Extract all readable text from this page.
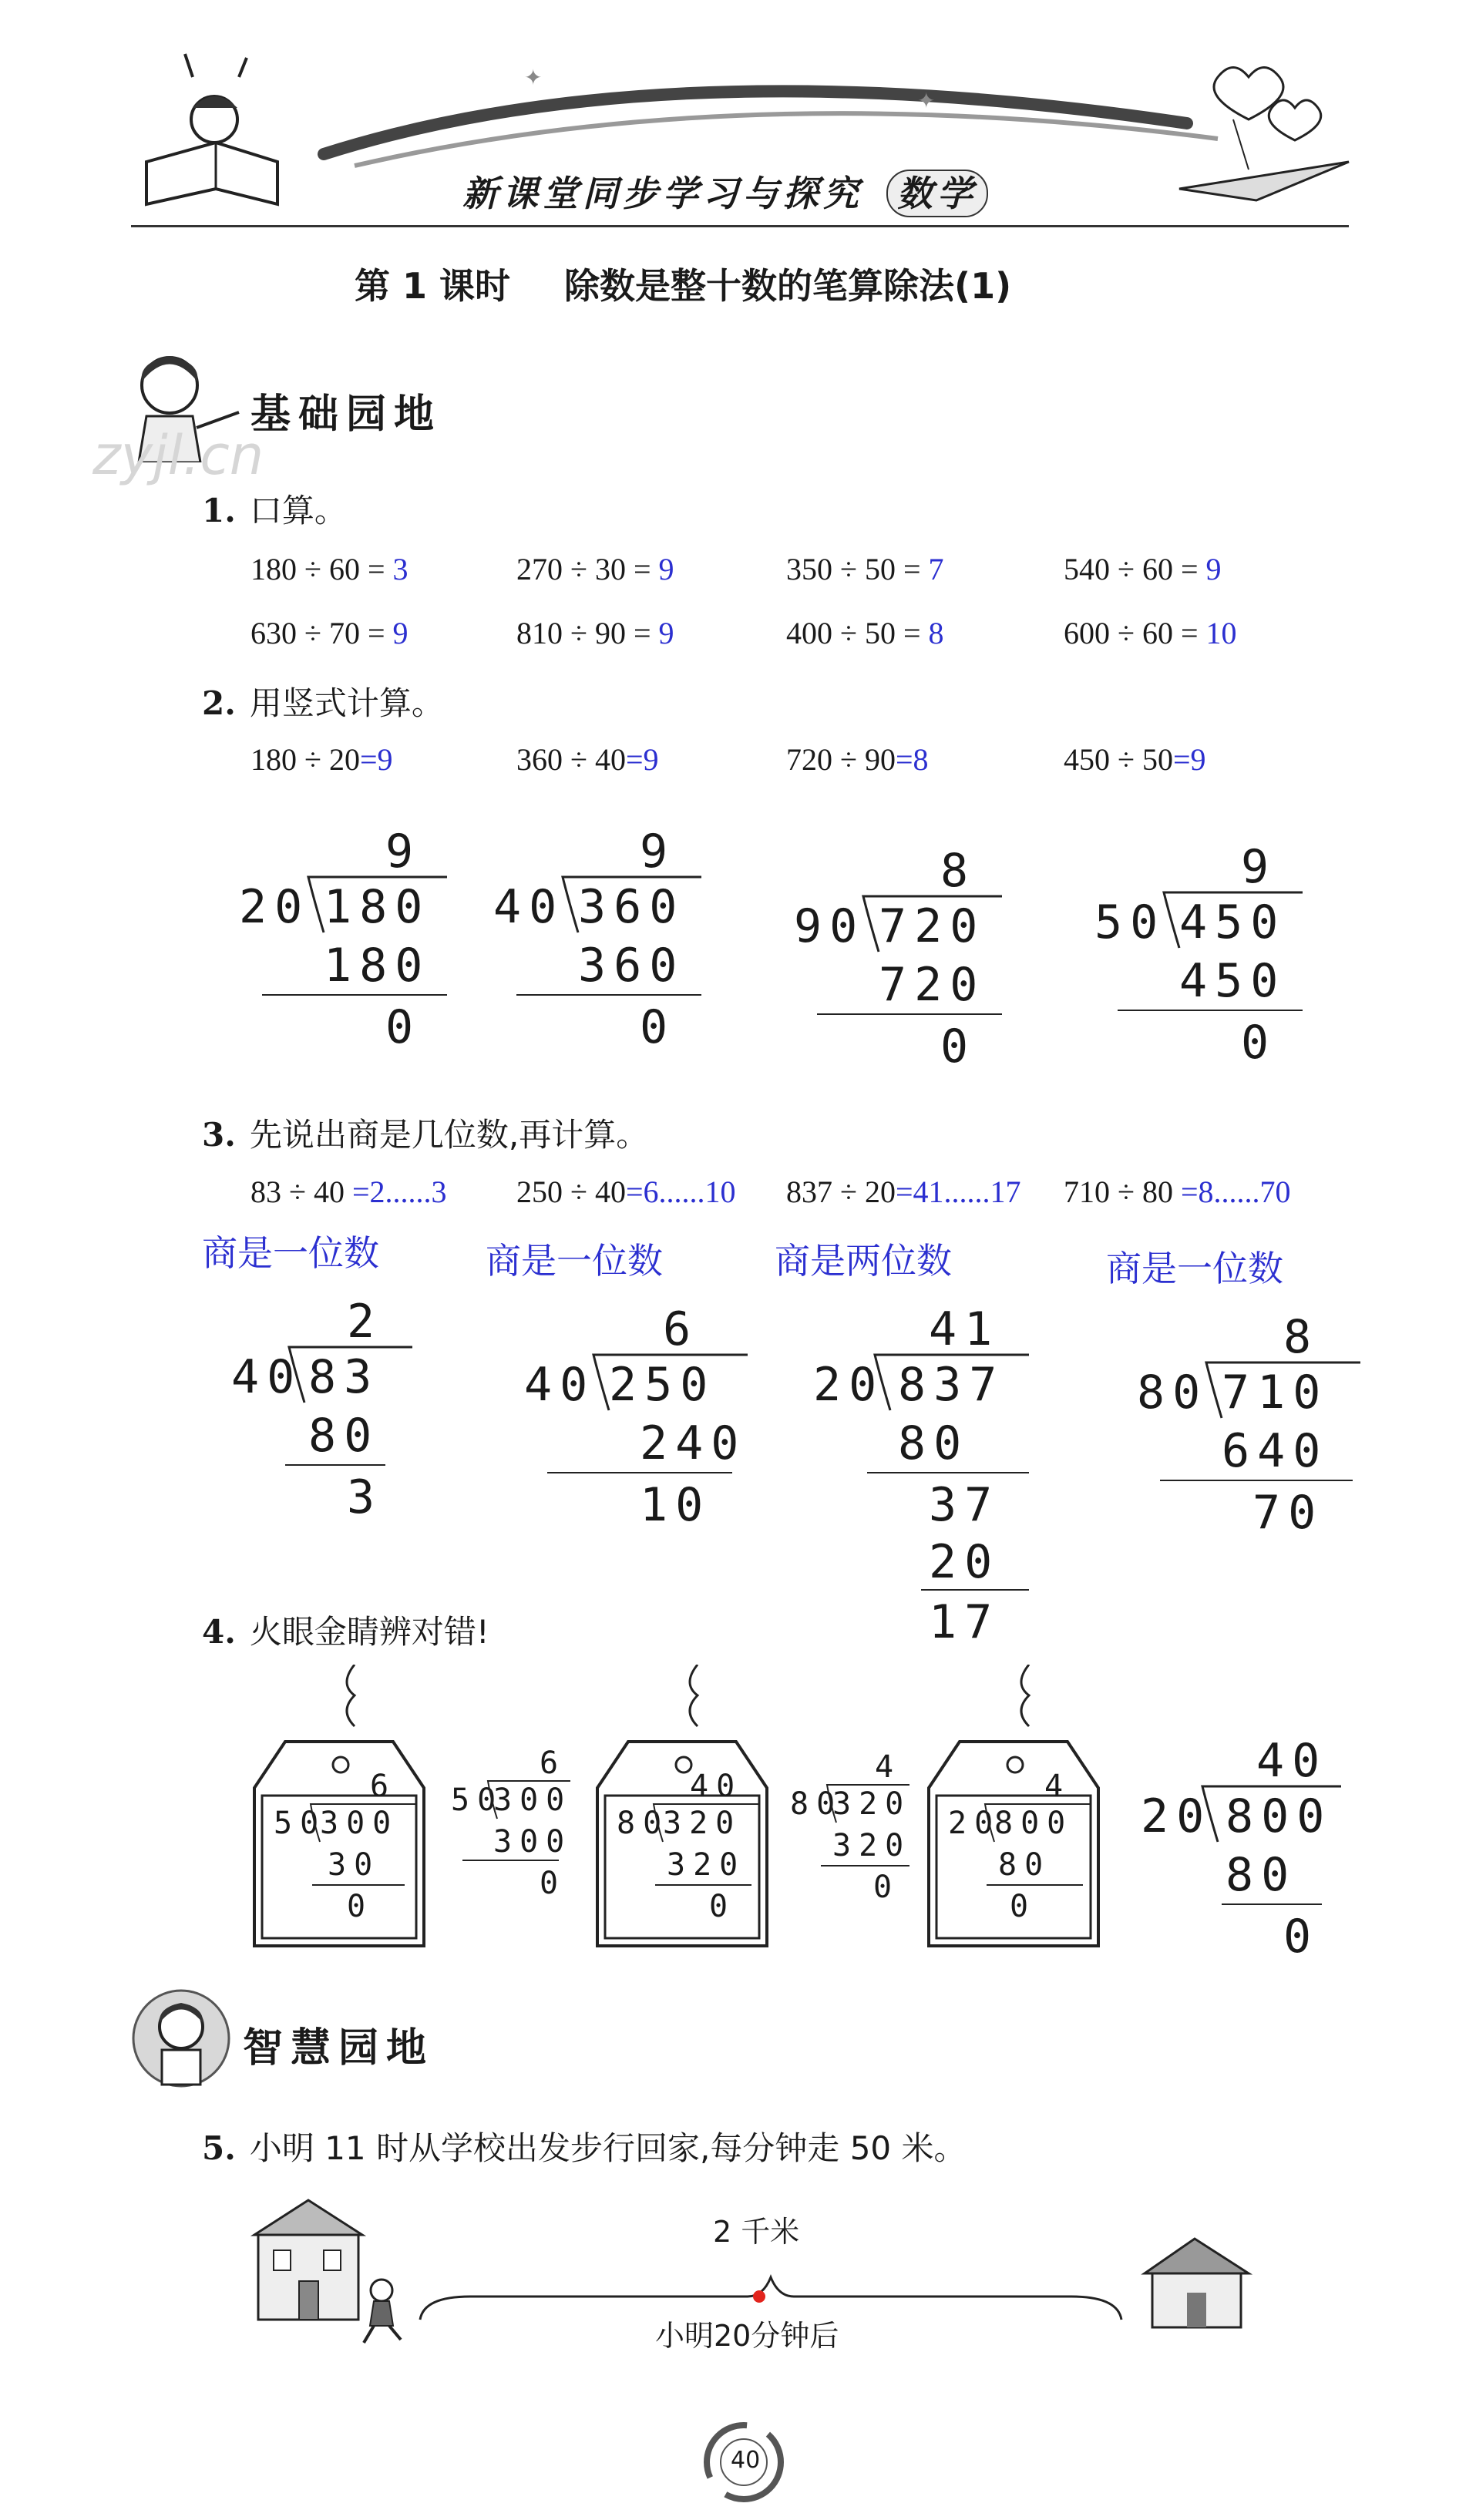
✦
✦
新课堂同步学习与探究 数学
第 1 课时 除数是整十数的笔算除法(1)
基础园地
zyjl.cn
1. 口算。
180 ÷ 60 = 3	270 ÷ 30 = 9	350 ÷ 50 = 7	540 ÷ 60 = 9
630 ÷ 70 = 9	810 ÷ 90 = 9	400 ÷ 50 = 8	600 ÷ 60 = 10
2. 用竖式计算。
180 ÷ 20=9	360 ÷ 40=9	720 ÷ 90=8	450 ÷ 50=9
9
20 180
180
0
9
40 360
360
0
8
90 720
720
0
9
50 450
450
0
3. 先说出商是几位数,再计算。
83 ÷ 40 =2......3 250 ÷ 40=6......10 837 ÷ 20=41......17 710 ÷ 80 =8......70
商是一位数	商是一位数	商是两位数	商是一位数
2
40 83
80
3
6
40 250
240
10
41
20 837
80
37
20
17
8
80 710
640
70
4. 火眼金睛辨对错!
6
50
300
30
0
6
50
300
300
0
40
80
320
320
0
4
80
320
320
0
4
20
800
80
0
40
20 800
80
0
智慧园地
5. 小明 11 时从学校出发步行回家,每分钟走 50 米。
2 千米
小明20分钟后
40
